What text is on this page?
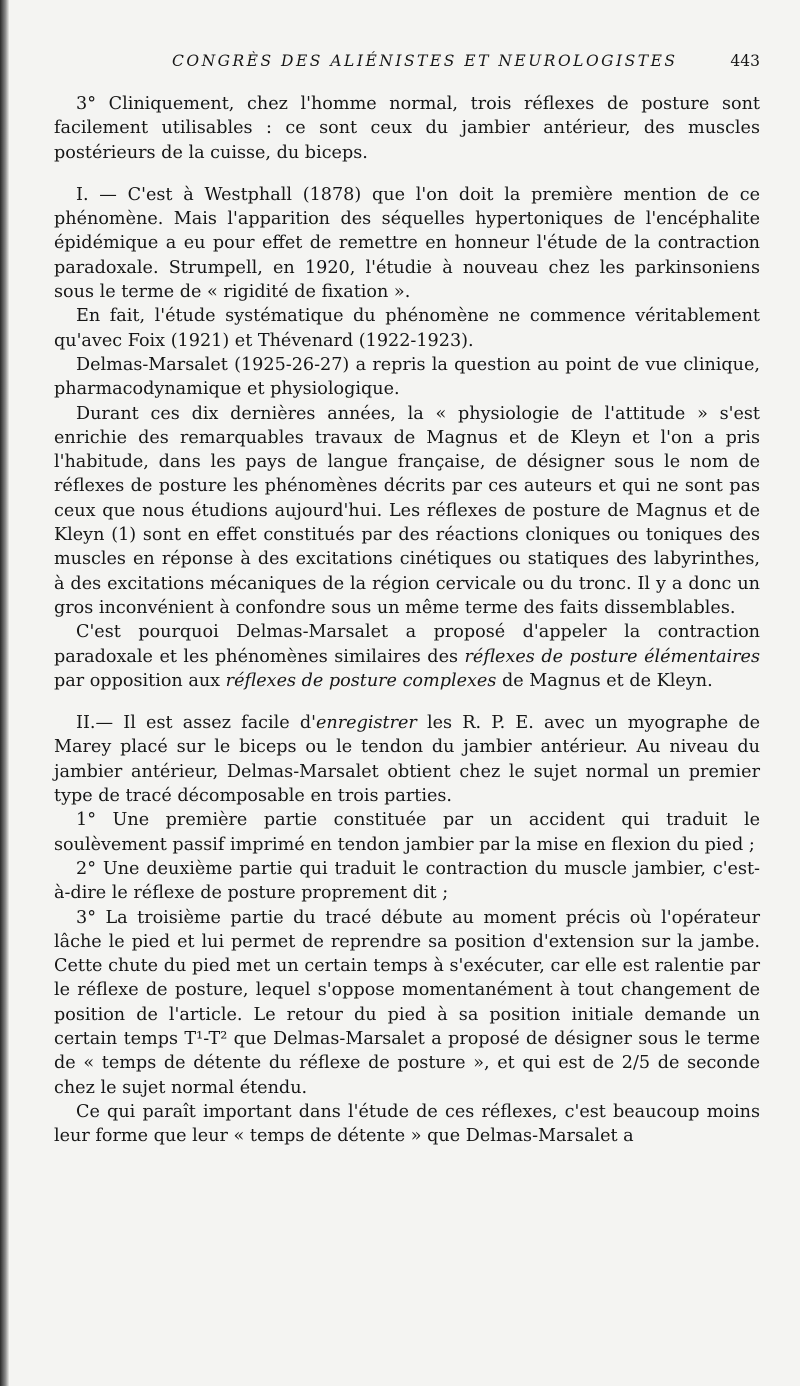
CONGRÈS DES ALIÉNISTES ET NEUROLOGISTES	443

3° Cliniquement, chez l'homme normal, trois réflexes de posture sont facilement utilisables : ce sont ceux du jambier antérieur, des muscles postérieurs de la cuisse, du biceps.

I. — C'est à Westphall (1878) que l'on doit la première mention de ce phénomène. Mais l'apparition des séquelles hypertoniques de l'encéphalite épidémique a eu pour effet de remettre en honneur l'étude de la contraction paradoxale. Strumpell, en 1920, l'étudie à nouveau chez les parkinsoniens sous le terme de « rigidité de fixation ».

En fait, l'étude systématique du phénomène ne commence véritablement qu'avec Foix (1921) et Thévenard (1922-1923).

Delmas-Marsalet (1925-26-27) a repris la question au point de vue clinique, pharmacodynamique et physiologique.

Durant ces dix dernières années, la « physiologie de l'attitude » s'est enrichie des remarquables travaux de Magnus et de Kleyn et l'on a pris l'habitude, dans les pays de langue française, de désigner sous le nom de réflexes de posture les phénomènes décrits par ces auteurs et qui ne sont pas ceux que nous étudions aujourd'hui. Les réflexes de posture de Magnus et de Kleyn (1) sont en effet constitués par des réactions cloniques ou toniques des muscles en réponse à des excitations cinétiques ou statiques des labyrinthes, à des excitations mécaniques de la région cervicale ou du tronc. Il y a donc un gros inconvénient à confondre sous un même terme des faits dissemblables.

C'est pourquoi Delmas-Marsalet a proposé d'appeler la contraction paradoxale et les phénomènes similaires des réflexes de posture élémentaires par opposition aux réflexes de posture complexes de Magnus et de Kleyn.

II.— Il est assez facile d'enregistrer les R. P. E. avec un myographe de Marey placé sur le biceps ou le tendon du jambier antérieur. Au niveau du jambier antérieur, Delmas-Marsalet obtient chez le sujet normal un premier type de tracé décomposable en trois parties.

1° Une première partie constituée par un accident qui traduit le soulèvement passif imprimé en tendon jambier par la mise en flexion du pied ;

2° Une deuxième partie qui traduit le contraction du muscle jambier, c'est-à-dire le réflexe de posture proprement dit ;

3° La troisième partie du tracé débute au moment précis où l'opérateur lâche le pied et lui permet de reprendre sa position d'extension sur la jambe. Cette chute du pied met un certain temps à s'exécuter, car elle est ralentie par le réflexe de posture, lequel s'oppose momentanément à tout changement de position de l'article. Le retour du pied à sa position initiale demande un certain temps T¹-T² que Delmas-Marsalet a proposé de désigner sous le terme de « temps de détente du réflexe de posture », et qui est de 2/5 de seconde chez le sujet normal étendu.

Ce qui paraît important dans l'étude de ces réflexes, c'est beaucoup moins leur forme que leur « temps de détente » que Delmas-Marsalet a
